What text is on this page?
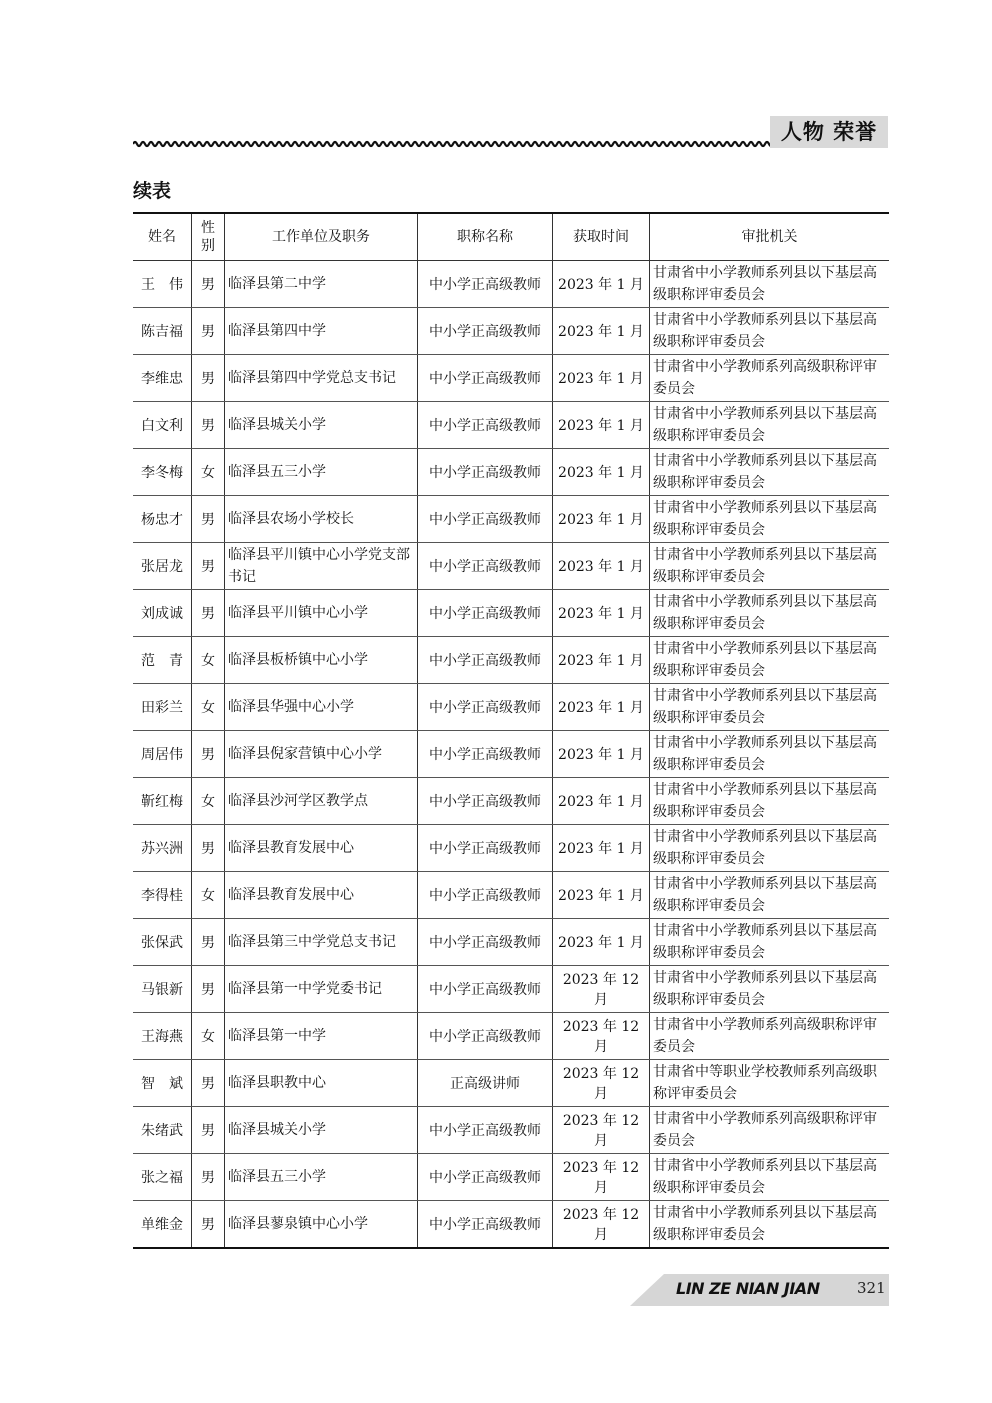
人物 荣誉
续表
姓名	性别	工作单位及职务	职称名称	获取时间	审批机关
王　伟	男	临泽县第二中学	中小学正高级教师	2023 年 1 月	甘肃省中小学教师系列县以下基层高级职称评审委员会
陈吉福	男	临泽县第四中学	中小学正高级教师	2023 年 1 月	甘肃省中小学教师系列县以下基层高级职称评审委员会
李维忠	男	临泽县第四中学党总支书记	中小学正高级教师	2023 年 1 月	甘肃省中小学教师系列高级职称评审委员会
白文利	男	临泽县城关小学	中小学正高级教师	2023 年 1 月	甘肃省中小学教师系列县以下基层高级职称评审委员会
李冬梅	女	临泽县五三小学	中小学正高级教师	2023 年 1 月	甘肃省中小学教师系列县以下基层高级职称评审委员会
杨忠才	男	临泽县农场小学校长	中小学正高级教师	2023 年 1 月	甘肃省中小学教师系列县以下基层高级职称评审委员会
张居龙	男	临泽县平川镇中心小学党支部书记	中小学正高级教师	2023 年 1 月	甘肃省中小学教师系列县以下基层高级职称评审委员会
刘成诚	男	临泽县平川镇中心小学	中小学正高级教师	2023 年 1 月	甘肃省中小学教师系列县以下基层高级职称评审委员会
范　青	女	临泽县板桥镇中心小学	中小学正高级教师	2023 年 1 月	甘肃省中小学教师系列县以下基层高级职称评审委员会
田彩兰	女	临泽县华强中心小学	中小学正高级教师	2023 年 1 月	甘肃省中小学教师系列县以下基层高级职称评审委员会
周居伟	男	临泽县倪家营镇中心小学	中小学正高级教师	2023 年 1 月	甘肃省中小学教师系列县以下基层高级职称评审委员会
靳红梅	女	临泽县沙河学区教学点	中小学正高级教师	2023 年 1 月	甘肃省中小学教师系列县以下基层高级职称评审委员会
苏兴洲	男	临泽县教育发展中心	中小学正高级教师	2023 年 1 月	甘肃省中小学教师系列县以下基层高级职称评审委员会
李得桂	女	临泽县教育发展中心	中小学正高级教师	2023 年 1 月	甘肃省中小学教师系列县以下基层高级职称评审委员会
张保武	男	临泽县第三中学党总支书记	中小学正高级教师	2023 年 1 月	甘肃省中小学教师系列县以下基层高级职称评审委员会
马银新	男	临泽县第一中学党委书记	中小学正高级教师	2023 年 12 月	甘肃省中小学教师系列县以下基层高级职称评审委员会
王海燕	女	临泽县第一中学	中小学正高级教师	2023 年 12 月	甘肃省中小学教师系列高级职称评审委员会
智　斌	男	临泽县职教中心	正高级讲师	2023 年 12 月	甘肃省中等职业学校教师系列高级职称评审委员会
朱绪武	男	临泽县城关小学	中小学正高级教师	2023 年 12 月	甘肃省中小学教师系列高级职称评审委员会
张之福	男	临泽县五三小学	中小学正高级教师	2023 年 12 月	甘肃省中小学教师系列县以下基层高级职称评审委员会
单维金	男	临泽县蓼泉镇中心小学	中小学正高级教师	2023 年 12 月	甘肃省中小学教师系列县以下基层高级职称评审委员会
LIN ZE NIAN JIAN 321
